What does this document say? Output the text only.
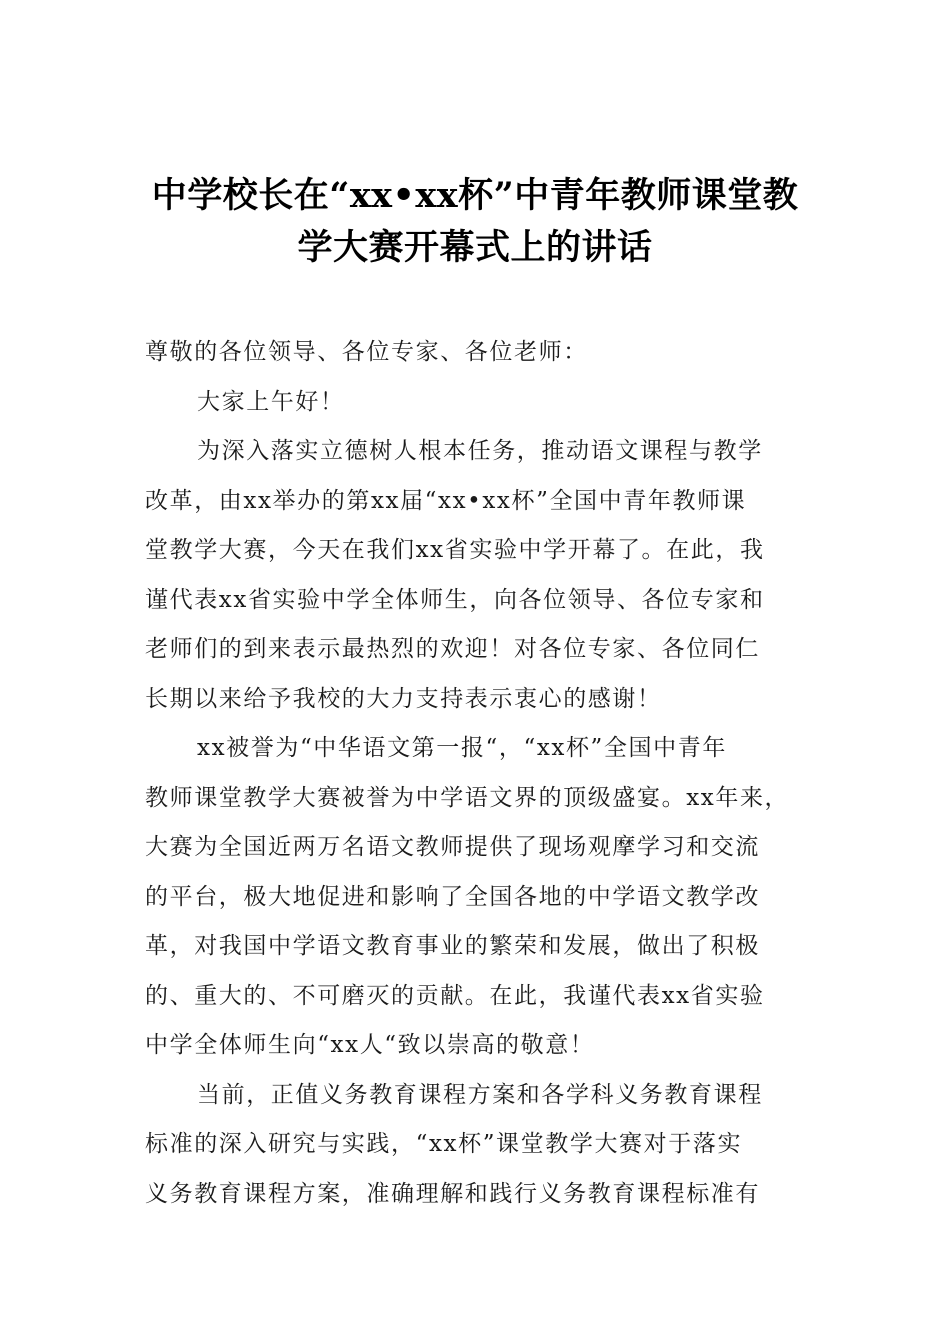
中学校长在“xx•xx杯”中青年教师课堂教
学大赛开幕式上的讲话
尊敬的各位领导、各位专家、各位老师：
大家上午好！
为深入落实立德树人根本任务，推动语文课程与教学
改革，由xx举办的第xx届“xx•xx杯”全国中青年教师课
堂教学大赛，今天在我们xx省实验中学开幕了。在此，我
谨代表xx省实验中学全体师生，向各位领导、各位专家和
老师们的到来表示最热烈的欢迎！对各位专家、各位同仁
长期以来给予我校的大力支持表示衷心的感谢！
xx被誉为“中华语文第一报“，“xx杯”全国中青年
教师课堂教学大赛被誉为中学语文界的顶级盛宴。xx年来，
大赛为全国近两万名语文教师提供了现场观摩学习和交流
的平台，极大地促进和影响了全国各地的中学语文教学改
革，对我国中学语文教育事业的繁荣和发展，做出了积极
的、重大的、不可磨灭的贡献。在此，我谨代表xx省实验
中学全体师生向“xx人“致以崇高的敬意！
当前，正值义务教育课程方案和各学科义务教育课程
标准的深入研究与实践，“xx杯”课堂教学大赛对于落实
义务教育课程方案，准确理解和践行义务教育课程标准有
